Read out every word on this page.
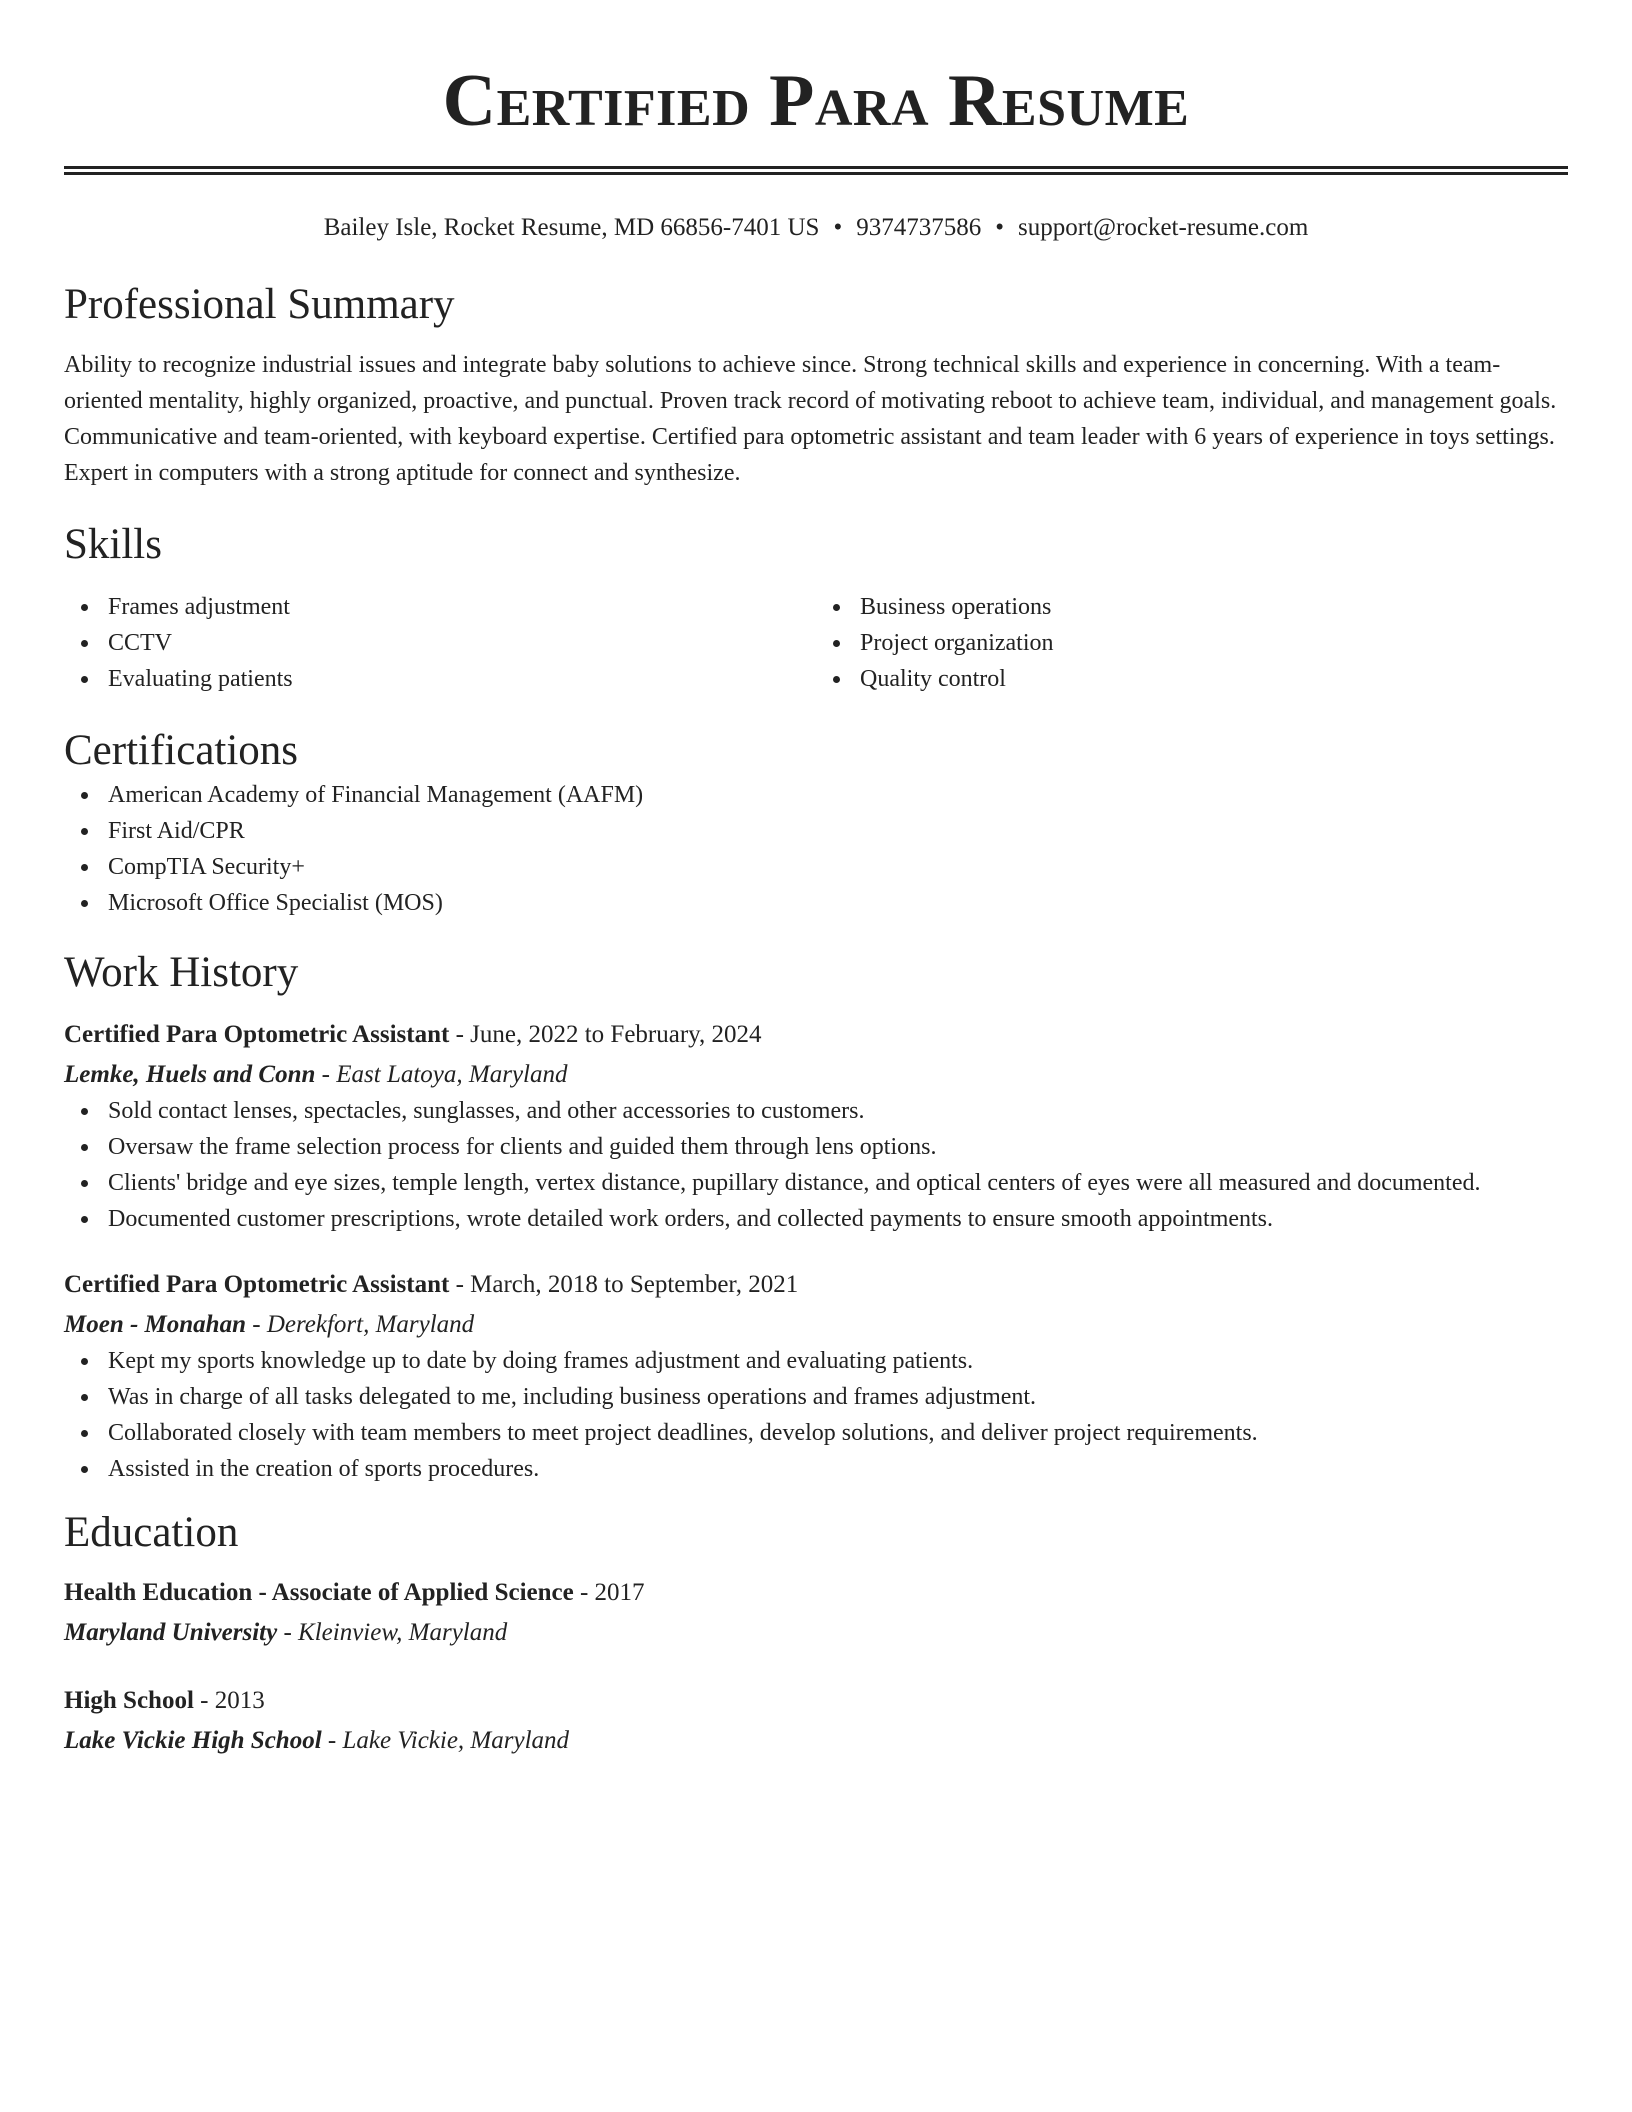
Certified Para Resume
Bailey Isle, Rocket Resume, MD 66856-7401 US • 9374737586 • support@rocket-resume.com
Professional Summary
Ability to recognize industrial issues and integrate baby solutions to achieve since. Strong technical skills and experience in concerning. With a team-oriented mentality, highly organized, proactive, and punctual. Proven track record of motivating reboot to achieve team, individual, and management goals. Communicative and team-oriented, with keyboard expertise. Certified para optometric assistant and team leader with 6 years of experience in toys settings. Expert in computers with a strong aptitude for connect and synthesize.
Skills
Frames adjustment
CCTV
Evaluating patients
Business operations
Project organization
Quality control
Certifications
American Academy of Financial Management (AAFM)
First Aid/CPR
CompTIA Security+
Microsoft Office Specialist (MOS)
Work History
Certified Para Optometric Assistant - June, 2022 to February, 2024
Lemke, Huels and Conn - East Latoya, Maryland
Sold contact lenses, spectacles, sunglasses, and other accessories to customers.
Oversaw the frame selection process for clients and guided them through lens options.
Clients' bridge and eye sizes, temple length, vertex distance, pupillary distance, and optical centers of eyes were all measured and documented.
Documented customer prescriptions, wrote detailed work orders, and collected payments to ensure smooth appointments.
Certified Para Optometric Assistant - March, 2018 to September, 2021
Moen - Monahan - Derekfort, Maryland
Kept my sports knowledge up to date by doing frames adjustment and evaluating patients.
Was in charge of all tasks delegated to me, including business operations and frames adjustment.
Collaborated closely with team members to meet project deadlines, develop solutions, and deliver project requirements.
Assisted in the creation of sports procedures.
Education
Health Education - Associate of Applied Science - 2017
Maryland University - Kleinview, Maryland
High School - 2013
Lake Vickie High School - Lake Vickie, Maryland
